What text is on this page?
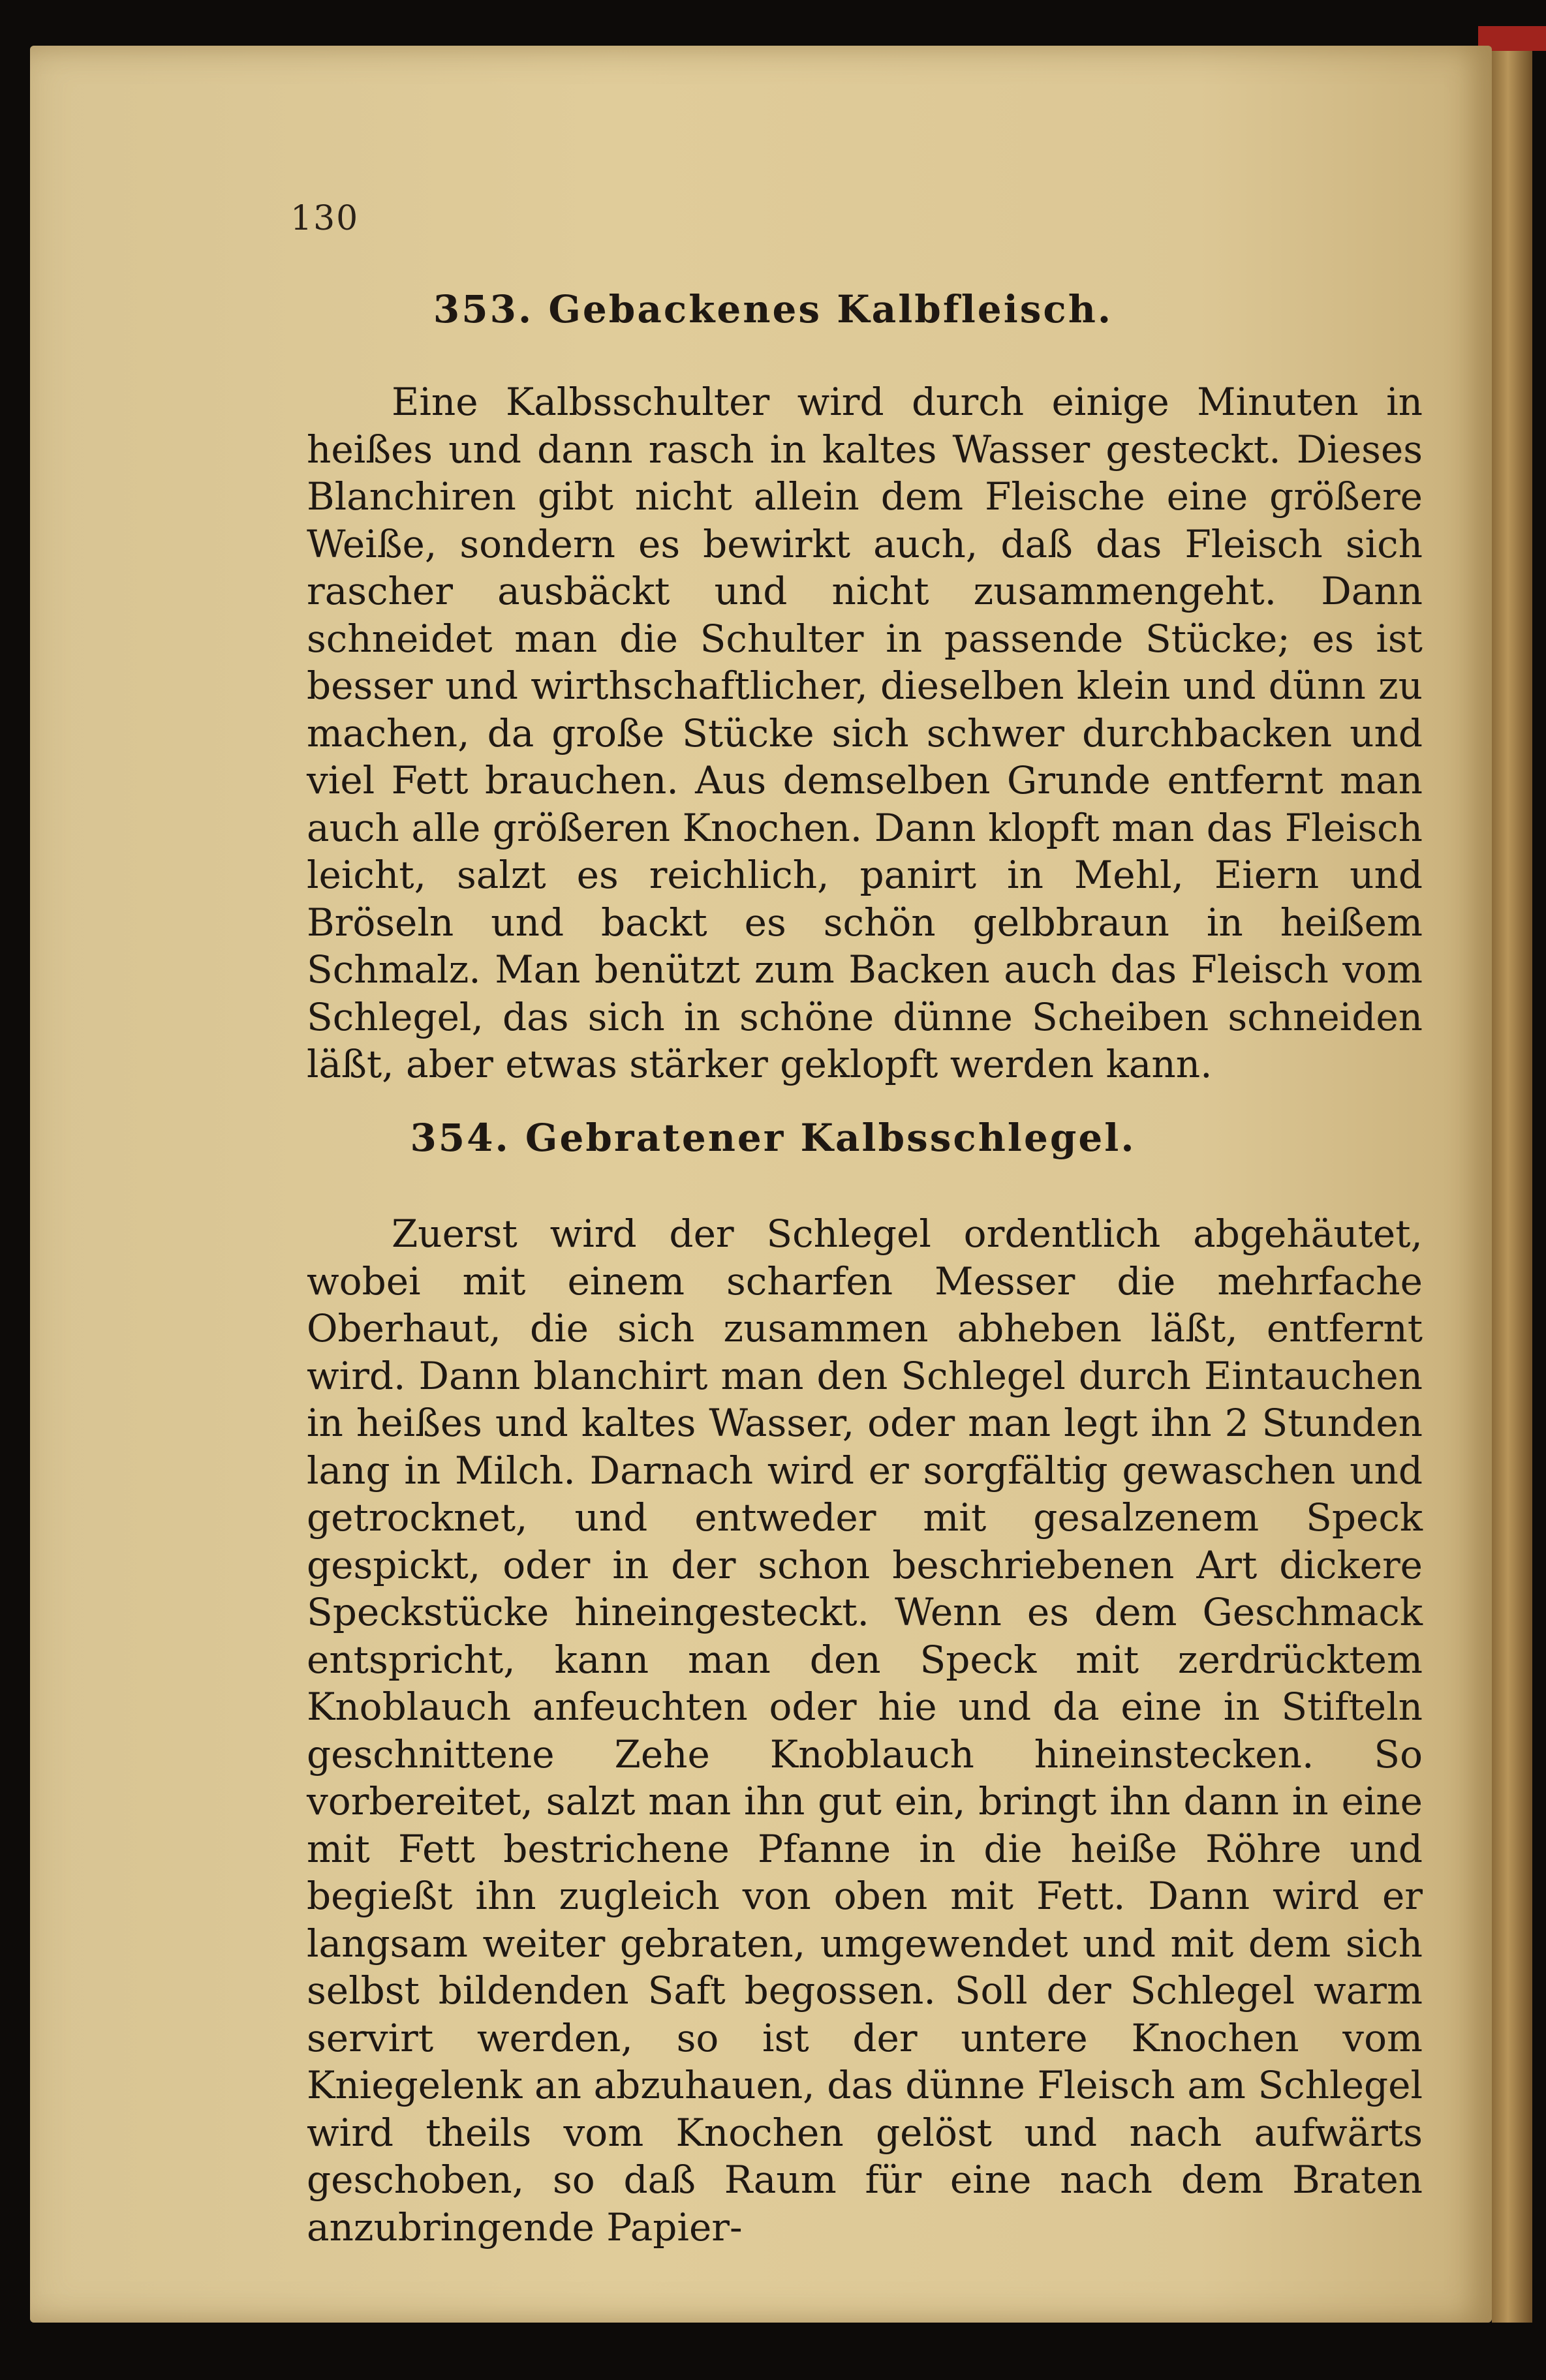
130
353. Gebackenes Kalbfleisch.
Eine Kalbsschulter wird durch einige Minuten in heißes und dann rasch in kaltes Wasser gesteckt. Dieses Blanchiren gibt nicht allein dem Fleische eine größere Weiße, sondern es bewirkt auch, daß das Fleisch sich rascher ausbäckt und nicht zusammengeht. Dann schneidet man die Schulter in passende Stücke; es ist besser und wirthschaftlicher, dieselben klein und dünn zu machen, da große Stücke sich schwer durchbacken und viel Fett brauchen. Aus demselben Grunde entfernt man auch alle größeren Knochen. Dann klopft man das Fleisch leicht, salzt es reichlich, panirt in Mehl, Eiern und Bröseln und backt es schön gelbbraun in heißem Schmalz. Man benützt zum Backen auch das Fleisch vom Schlegel, das sich in schöne dünne Scheiben schneiden läßt, aber etwas stärker geklopft werden kann.
354. Gebratener Kalbsschlegel.
Zuerst wird der Schlegel ordentlich abgehäutet, wobei mit einem scharfen Messer die mehrfache Oberhaut, die sich zusammen abheben läßt, entfernt wird. Dann blanchirt man den Schlegel durch Eintauchen in heißes und kaltes Wasser, oder man legt ihn 2 Stunden lang in Milch. Darnach wird er sorgfältig gewaschen und getrocknet, und entweder mit gesalzenem Speck gespickt, oder in der schon beschriebenen Art dickere Speckstücke hineingesteckt. Wenn es dem Geschmack entspricht, kann man den Speck mit zerdrücktem Knoblauch anfeuchten oder hie und da eine in Stifteln geschnittene Zehe Knoblauch hineinstecken. So vorbereitet, salzt man ihn gut ein, bringt ihn dann in eine mit Fett bestrichene Pfanne in die heiße Röhre und begießt ihn zugleich von oben mit Fett. Dann wird er langsam weiter gebraten, umgewendet und mit dem sich selbst bildenden Saft begossen. Soll der Schlegel warm servirt werden, so ist der untere Knochen vom Kniegelenk an abzuhauen, das dünne Fleisch am Schlegel wird theils vom Knochen gelöst und nach aufwärts geschoben, so daß Raum für eine nach dem Braten anzubringende Papier-
